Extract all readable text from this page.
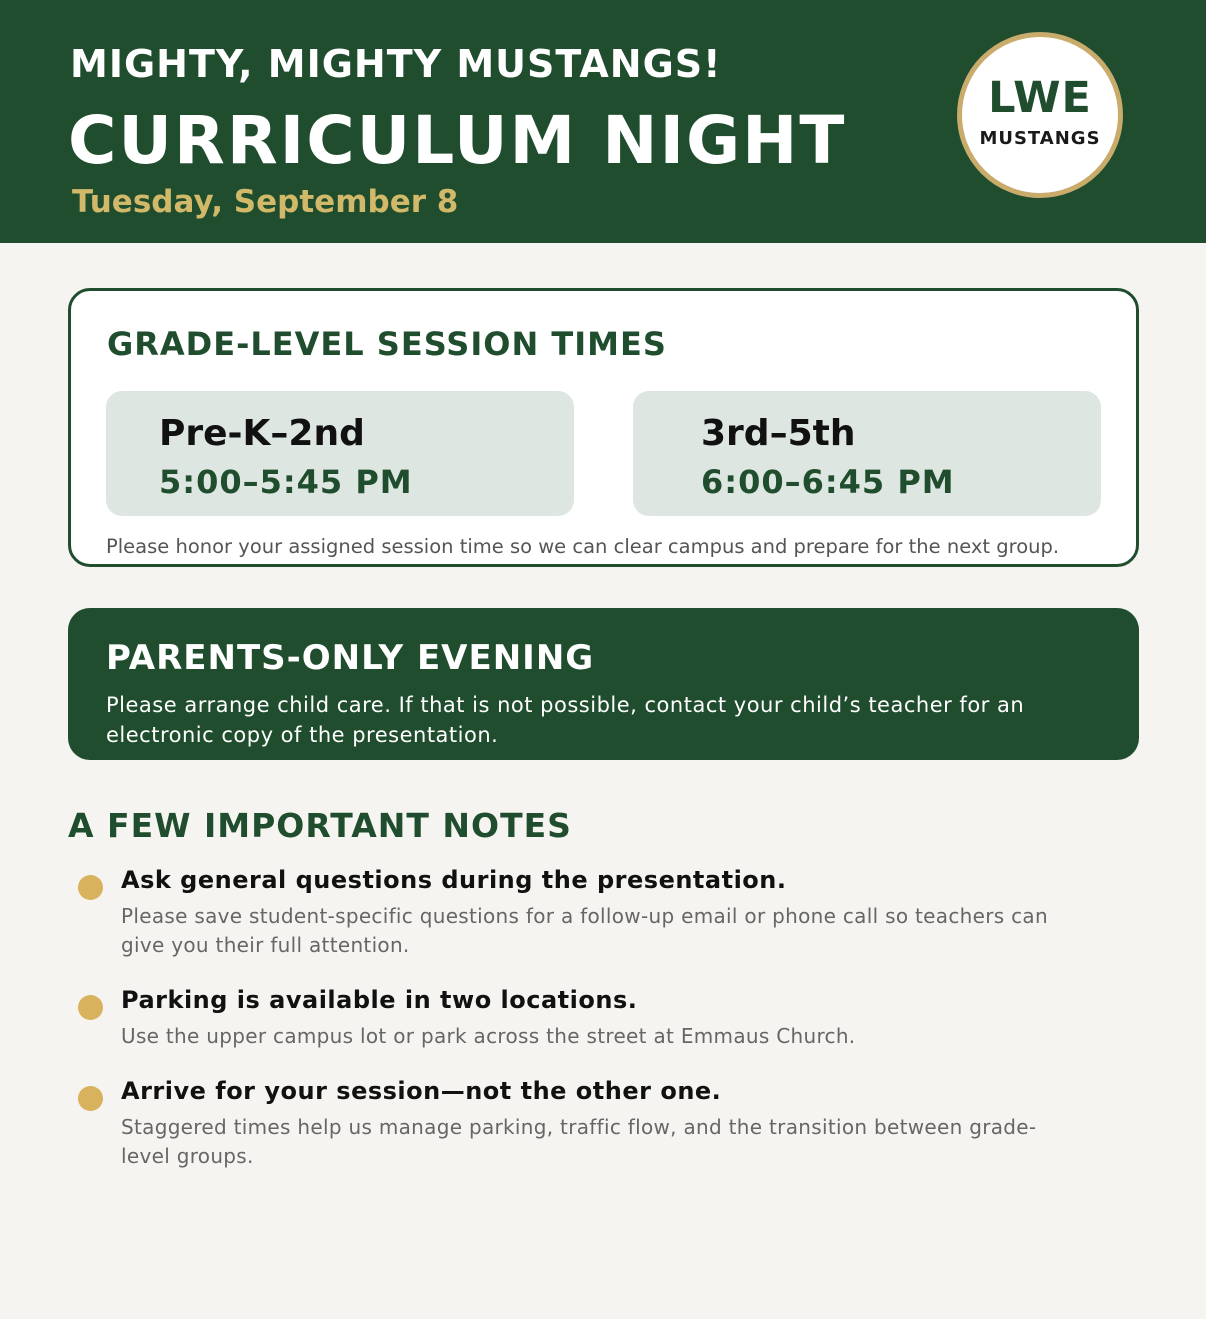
MIGHTY, MIGHTY MUSTANGS!
CURRICULUM NIGHT
Tuesday, September 8
LWE
MUSTANGS
GRADE-LEVEL SESSION TIMES
Pre-K–2nd
5:00–5:45 PM
3rd–5th
6:00–6:45 PM
Please honor your assigned session time so we can clear campus and prepare for the next group.
PARENTS-ONLY EVENING
Please arrange child care. If that is not possible, contact your child’s teacher for an electronic copy of the presentation.
A FEW IMPORTANT NOTES
Ask general questions during the presentation.
Please save student-specific questions for a follow-up email or phone call so teachers can give you their full attention.
Parking is available in two locations.
Use the upper campus lot or park across the street at Emmaus Church.
Arrive for your session—not the other one.
Staggered times help us manage parking, traffic flow, and the transition between grade-level groups.
